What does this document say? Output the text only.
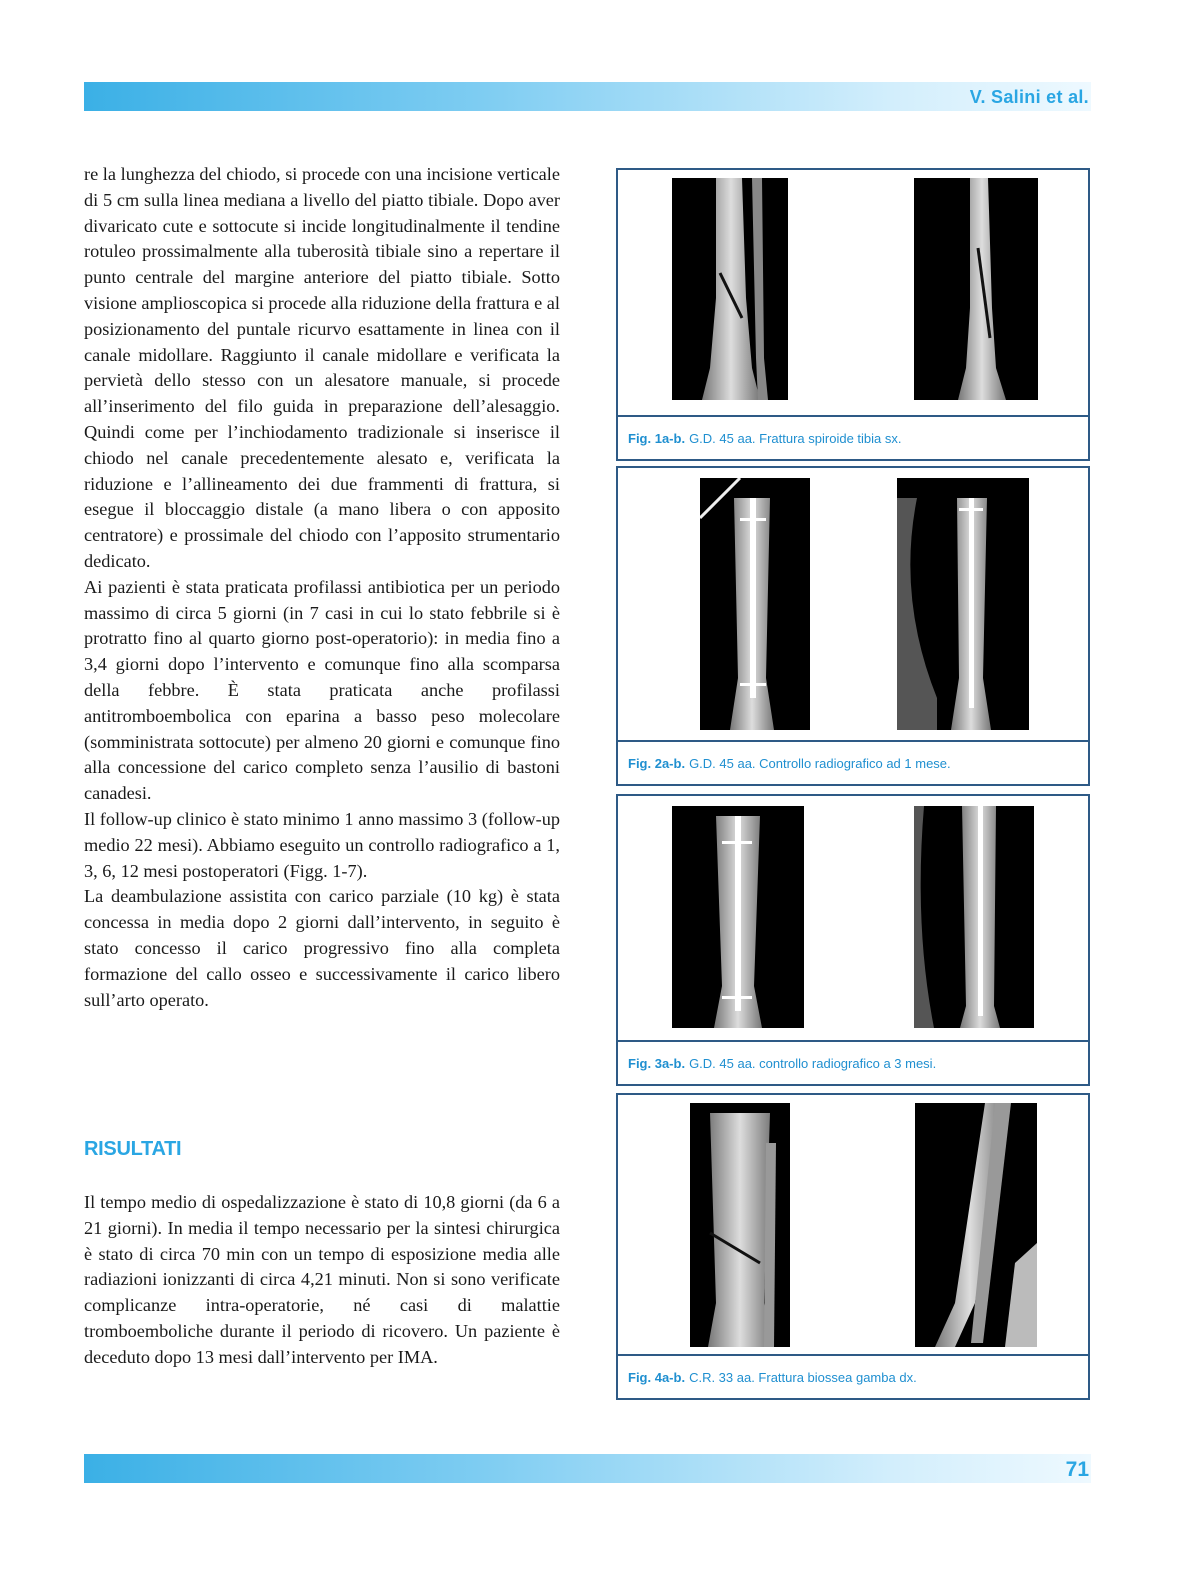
V. Salini et al.

re la lunghezza del chiodo, si procede con una incisione verticale di 5 cm sulla linea mediana a livello del piatto tibiale. Dopo aver divaricato cute e sottocute si incide longitudinalmente il tendine rotuleo prossimalmente alla tuberosità tibiale sino a repertare il punto centrale del margine anteriore del piatto tibiale. Sotto visione amplioscopica si procede alla riduzione della frattura e al posizionamento del puntale ricurvo esattamente in linea con il canale midollare. Raggiunto il canale midollare e verificata la pervietà dello stesso con un alesatore manuale, si procede all’inserimento del filo guida in preparazione dell’alesaggio. Quindi come per l’inchiodamento tradizionale si inserisce il chiodo nel canale precedentemente alesato e, verificata la riduzione e l’allineamento dei due frammenti di frattura, si esegue il bloccaggio distale (a mano libera o con apposito centratore) e prossimale del chiodo con l’apposito strumentario dedicato.

Ai pazienti è stata praticata profilassi antibiotica per un periodo massimo di circa 5 giorni (in 7 casi in cui lo stato febbrile si è protratto fino al quarto giorno post-operatorio): in media fino a 3,4 giorni dopo l’intervento e comunque fino alla scomparsa della febbre. È stata praticata anche profilassi antitromboembolica con eparina a basso peso molecolare (somministrata sottocute) per almeno 20 giorni e comunque fino alla concessione del carico completo senza l’ausilio di bastoni canadesi.

Il follow-up clinico è stato minimo 1 anno massimo 3 (follow-up medio 22 mesi). Abbiamo eseguito un controllo radiografico a 1, 3, 6, 12 mesi postoperatori (Figg. 1-7).

La deambulazione assistita con carico parziale (10 kg) è stata concessa in media dopo 2 giorni dall’intervento, in seguito è stato concesso il carico progressivo fino alla completa formazione del callo osseo e successivamente il carico libero sull’arto operato.

RISULTATI

Il tempo medio di ospedalizzazione è stato di 10,8 giorni (da 6 a 21 giorni). In media il tempo necessario per la sintesi chirurgica è stato di circa 70 min con un tempo di esposizione media alle radiazioni ionizzanti di circa 4,21 minuti. Non si sono verificate complicanze intra-operatorie, né casi di malattie tromboemboliche durante il periodo di ricovero. Un paziente è deceduto dopo 13 mesi dall’intervento per IMA.

Fig. 1a-b. G.D. 45 aa. Frattura spiroide tibia sx.
Fig. 2a-b. G.D. 45 aa. Controllo radiografico ad 1 mese.
Fig. 3a-b. G.D. 45 aa. controllo radiografico a 3 mesi.
Fig. 4a-b. C.R. 33 aa. Frattura biossea gamba dx.
71
